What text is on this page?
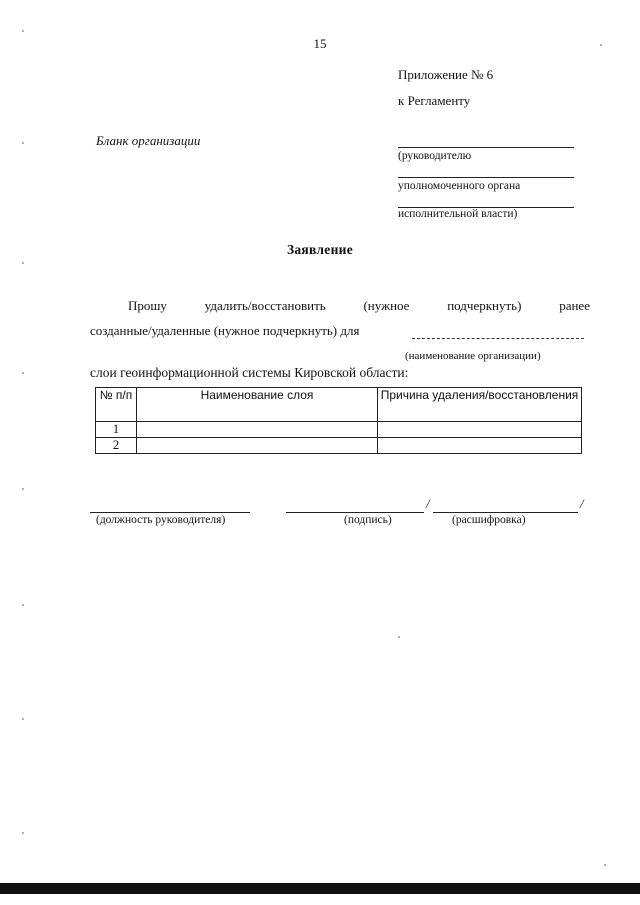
15
Приложение № 6
к Регламенту
Бланк организации
(руководителю
уполномоченного органа
исполнительной власти)
Заявление
Прошу	удалить/восстановить	(нужное	подчеркнуть)	ранее
созданные/удаленные (нужное подчеркнуть) для
(наименование организации)
слои геоинформационной системы Кировской области:
№ п/п	Наименование слоя	Причина удаления/восстановления
1		
2		
/	/
(должность руководителя)	(подпись)	(расшифровка)
